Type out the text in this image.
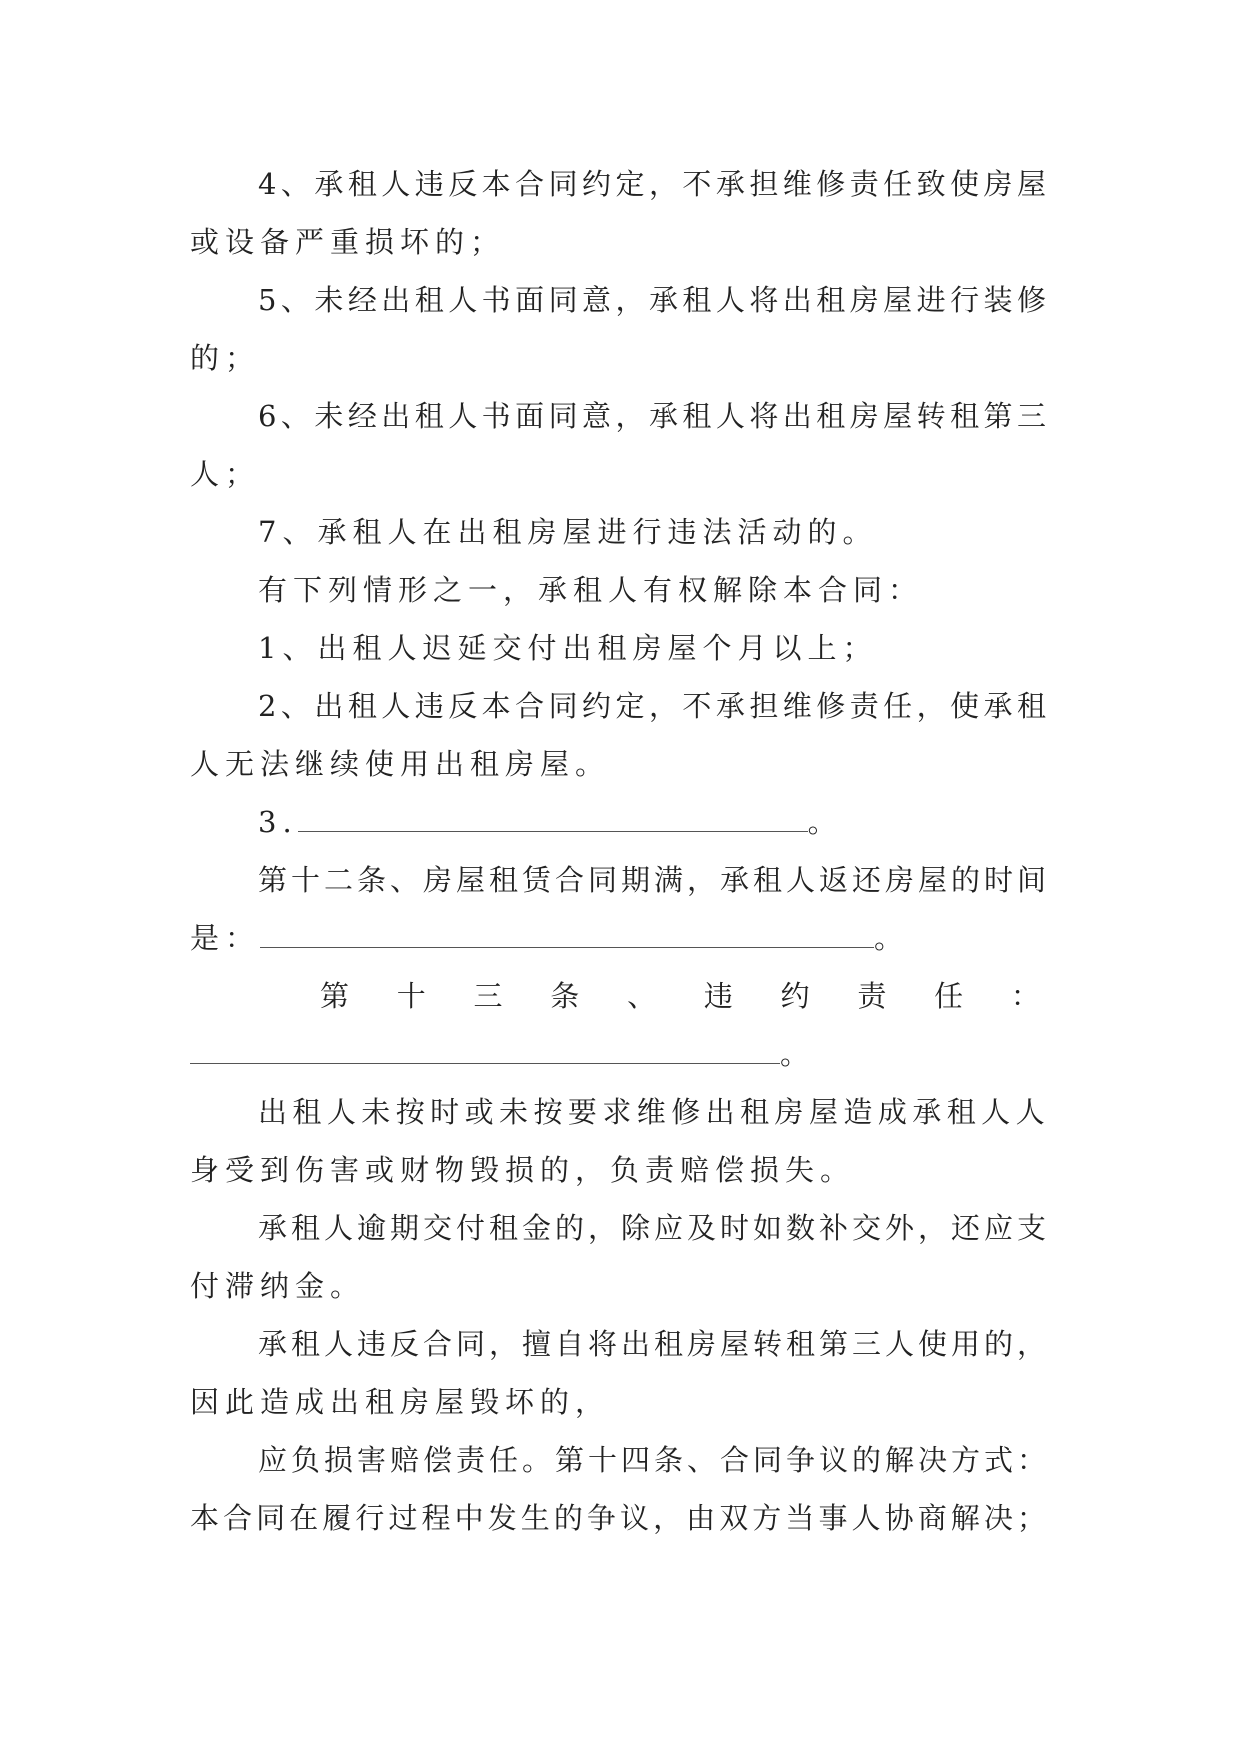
4、承租人违反本合同约定，不承担维修责任致使房屋
或设备严重损坏的；
5、未经出租人书面同意，承租人将出租房屋进行装修
的；
6、未经出租人书面同意，承租人将出租房屋转租第三
人；
7、承租人在出租房屋进行违法活动的。
有下列情形之一，承租人有权解除本合同：
1、出租人迟延交付出租房屋个月以上；
2、出租人违反本合同约定，不承担维修责任，使承租
人无法继续使用出租房屋。
3.	。
第十二条、房屋租赁合同期满，承租人返还房屋的时间
是：	。
第 十 三 条 、 违 约 责 任 ：
。
出租人未按时或未按要求维修出租房屋造成承租人人
身受到伤害或财物毁损的，负责赔偿损失。
承租人逾期交付租金的，除应及时如数补交外，还应支
付滞纳金。
承租人违反合同，擅自将出租房屋转租第三人使用的，
因此造成出租房屋毁坏的，
应负损害赔偿责任。第十四条、合同争议的解决方式：
本合同在履行过程中发生的争议，由双方当事人协商解决；
